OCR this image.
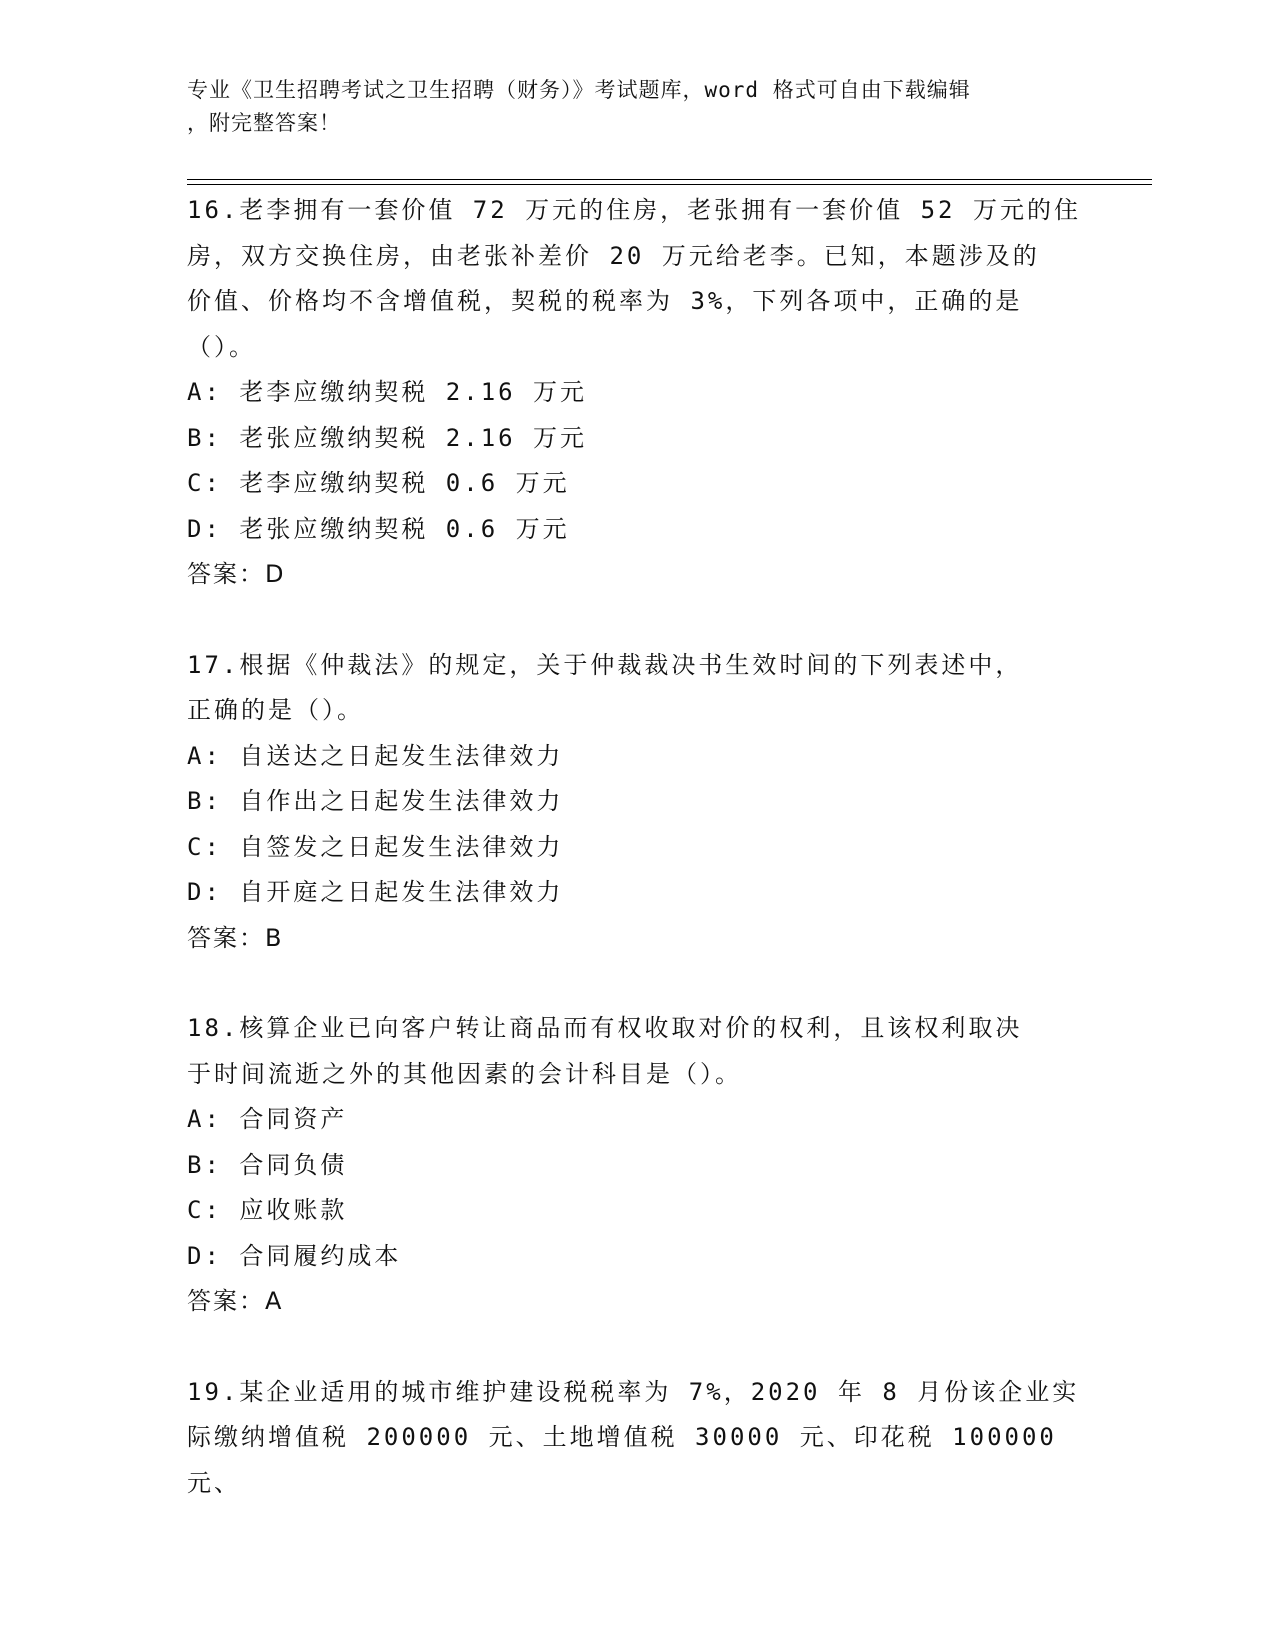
专业《卫生招聘考试之卫生招聘（财务）》考试题库，word 格式可自由下载编辑
，附完整答案！
16.老李拥有一套价值 72 万元的住房，老张拥有一套价值 52 万元的住
房，双方交换住房，由老张补差价 20 万元给老李。已知，本题涉及的
价值、价格均不含增值税，契税的税率为 3%，下列各项中，正确的是
（）。
A: 老李应缴纳契税 2.16 万元
B: 老张应缴纳契税 2.16 万元
C: 老李应缴纳契税 0.6 万元
D: 老张应缴纳契税 0.6 万元
答案：D
17.根据《仲裁法》的规定，关于仲裁裁决书生效时间的下列表述中，
正确的是（）。
A: 自送达之日起发生法律效力
B: 自作出之日起发生法律效力
C: 自签发之日起发生法律效力
D: 自开庭之日起发生法律效力
答案：B
18.核算企业已向客户转让商品而有权收取对价的权利，且该权利取决
于时间流逝之外的其他因素的会计科目是（）。
A: 合同资产
B: 合同负债
C: 应收账款
D: 合同履约成本
答案：A
19.某企业适用的城市维护建设税税率为 7%，2020 年 8 月份该企业实
际缴纳增值税 200000 元、土地增值税 30000 元、印花税 100000 元、
